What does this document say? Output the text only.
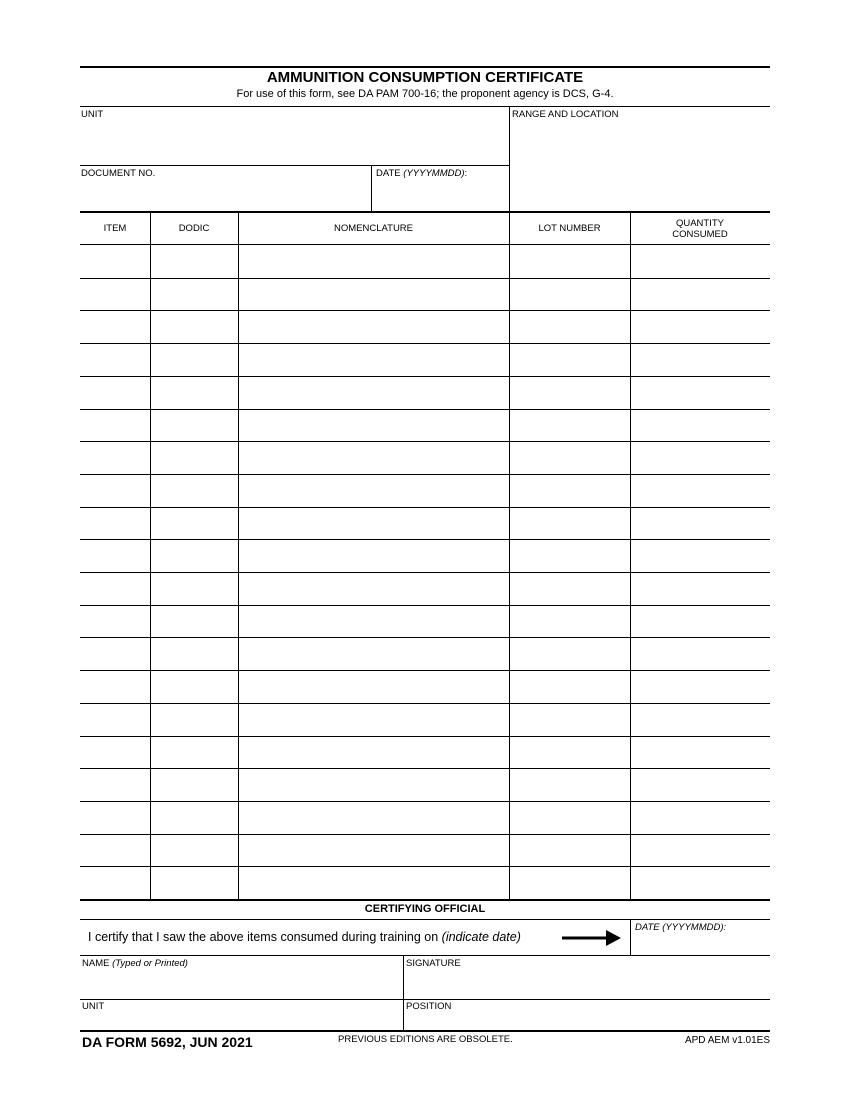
AMMUNITION CONSUMPTION CERTIFICATE
For use of this form, see DA PAM 700-16; the proponent agency is DCS, G-4.
UNIT	RANGE AND LOCATION
DOCUMENT NO.	DATE (YYYYMMDD):
ITEM	DODIC	NOMENCLATURE	LOT NUMBER	QUANTITY
CONSUMED
CERTIFYING OFFICIAL
I certify that I saw the above items consumed during training on (indicate date)
DATE (YYYYMMDD):
NAME (Typed or Printed)	SIGNATURE
UNIT	POSITION
DA FORM 5692, JUN 2021	PREVIOUS EDITIONS ARE OBSOLETE.	APD AEM v1.01ES
